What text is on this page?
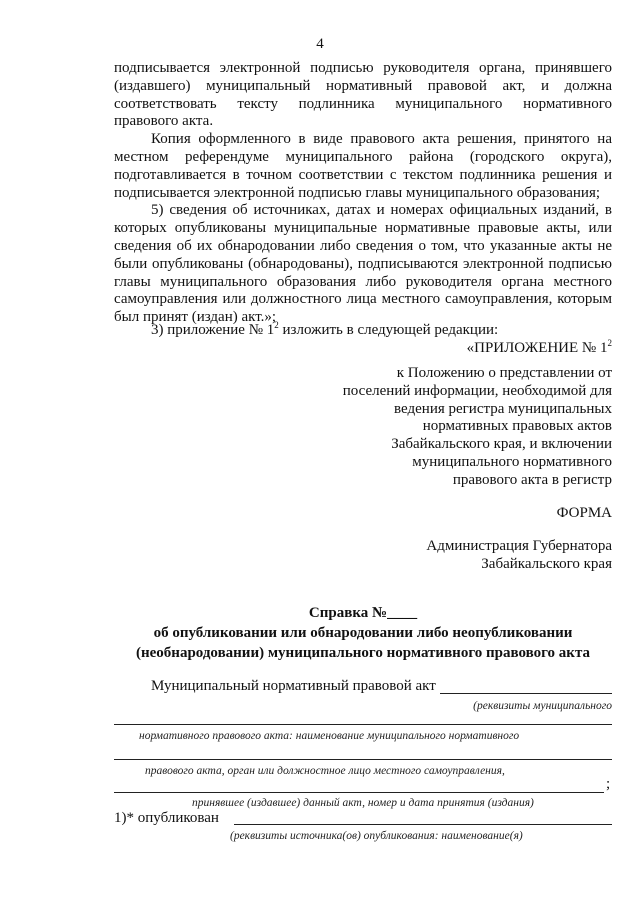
4

подписывается электронной подписью руководителя органа, принявшего (издавшего) муниципальный нормативный правовой акт, и должна соответствовать тексту подлинника муниципального нормативного правового акта.

Копия оформленного в виде правового акта решения, принятого на местном референдуме муниципального района (городского округа), подготавливается в точном соответствии с текстом подлинника решения и подписывается электронной подписью главы муниципального образования;

5) сведения об источниках, датах и номерах официальных изданий, в которых опубликованы муниципальные нормативные правовые акты, или сведения об их обнародовании либо сведения о том, что указанные акты не были опубликованы (обнародованы), подписываются электронной подписью главы муниципального образования либо руководителя органа местного самоуправления или должностного лица местного самоуправления, которым был принят (издан) акт.»;

3) приложение № $1^2$ изложить в следующей редакции:
«ПРИЛОЖЕНИЕ № $1^2$
к Положению о представлении от
поселений информации, необходимой для
ведения регистра муниципальных
нормативных правовых актов
Забайкальского края, и включении
муниципального нормативного
правового акта в регистр
ФОРМА
Администрация Губернатора
Забайкальского края
Справка №____
об опубликовании или обнародовании либо неопубликовании
(необнародовании) муниципального нормативного правового акта
Муниципальный нормативный правовой акт
(реквизиты муниципального
нормативного правового акта: наименование муниципального нормативного
правового акта, орган или должностное лицо местного самоуправления,
;
принявшее (издавшее) данный акт, номер и дата принятия (издания)
1)* опубликован
(реквизиты источника(ов) опубликования: наименование(я)
